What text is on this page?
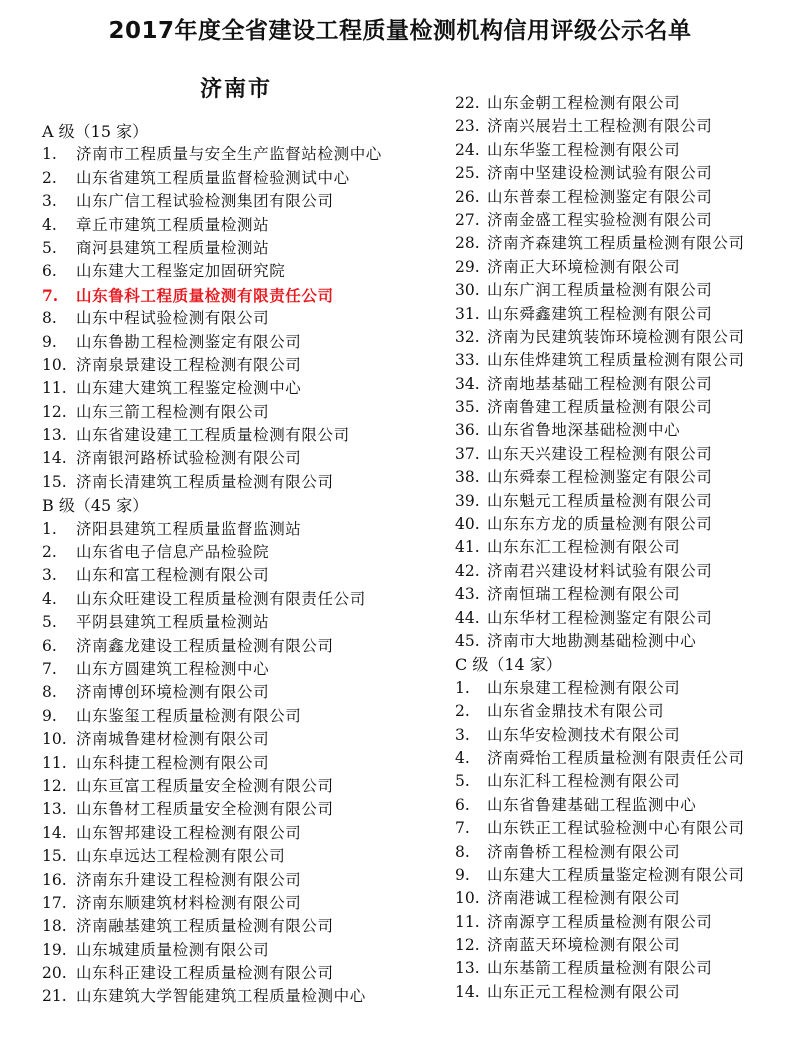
2017年度全省建设工程质量检测机构信用评级公示名单
济南市
A 级（15 家）
1.	济南市工程质量与安全生产监督站检测中心
2.	山东省建筑工程质量监督检验测试中心
3.	山东广信工程试验检测集团有限公司
4.	章丘市建筑工程质量检测站
5.	商河县建筑工程质量检测站
6.	山东建大工程鉴定加固研究院
7.	山东鲁科工程质量检测有限责任公司
8.	山东中程试验检测有限公司
9.	山东鲁勘工程检测鉴定有限公司
10. 济南泉景建设工程检测有限公司
11. 山东建大建筑工程鉴定检测中心
12. 山东三箭工程检测有限公司
13. 山东省建设建工工程质量检测有限公司
14. 济南银河路桥试验检测有限公司
15. 济南长清建筑工程质量检测有限公司
B 级（45 家）
1.	济阳县建筑工程质量监督监测站
2.	山东省电子信息产品检验院
3.	山东和富工程检测有限公司
4.	山东众旺建设工程质量检测有限责任公司
5.	平阴县建筑工程质量检测站
6.	济南鑫龙建设工程质量检测有限公司
7.	山东方圆建筑工程检测中心
8.	济南博创环境检测有限公司
9.	山东鉴玺工程质量检测有限公司
10. 济南城鲁建材检测有限公司
11. 山东科捷工程检测有限公司
12. 山东亘富工程质量安全检测有限公司
13. 山东鲁材工程质量安全检测有限公司
14. 山东智邦建设工程检测有限公司
15. 山东卓远达工程检测有限公司
16. 济南东升建设工程检测有限公司
17. 济南东顺建筑材料检测有限公司
18. 济南融基建筑工程质量检测有限公司
19. 山东城建质量检测有限公司
20. 山东科正建设工程质量检测有限公司
21. 山东建筑大学智能建筑工程质量检测中心
22. 山东金朝工程检测有限公司
23. 济南兴展岩土工程检测有限公司
24. 山东华鉴工程检测有限公司
25. 济南中坚建设检测试验有限公司
26. 山东普泰工程检测鉴定有限公司
27. 济南金盛工程实验检测有限公司
28. 济南齐森建筑工程质量检测有限公司
29. 济南正大环境检测有限公司
30. 山东广润工程质量检测有限公司
31. 山东舜鑫建筑工程检测有限公司
32. 济南为民建筑装饰环境检测有限公司
33. 山东佳烨建筑工程质量检测有限公司
34. 济南地基基础工程检测有限公司
35. 济南鲁建工程质量检测有限公司
36. 山东省鲁地深基础检测中心
37. 山东天兴建设工程检测有限公司
38. 山东舜泰工程检测鉴定有限公司
39. 山东魁元工程质量检测有限公司
40. 山东东方龙的质量检测有限公司
41. 山东东汇工程检测有限公司
42. 济南君兴建设材料试验有限公司
43. 济南恒瑞工程检测有限公司
44. 山东华材工程检测鉴定有限公司
45. 济南市大地勘测基础检测中心
C 级（14 家）
1.	山东泉建工程检测有限公司
2.	山东省金鼎技术有限公司
3.	山东华安检测技术有限公司
4.	济南舜怡工程质量检测有限责任公司
5.	山东汇科工程检测有限公司
6.	山东省鲁建基础工程监测中心
7.	山东铁正工程试验检测中心有限公司
8.	济南鲁桥工程检测有限公司
9.	山东建大工程质量鉴定检测有限公司
10. 济南港诚工程检测有限公司
11. 济南源亨工程质量检测有限公司
12. 济南蓝天环境检测有限公司
13. 山东基箭工程质量检测有限公司
14. 山东正元工程检测有限公司
